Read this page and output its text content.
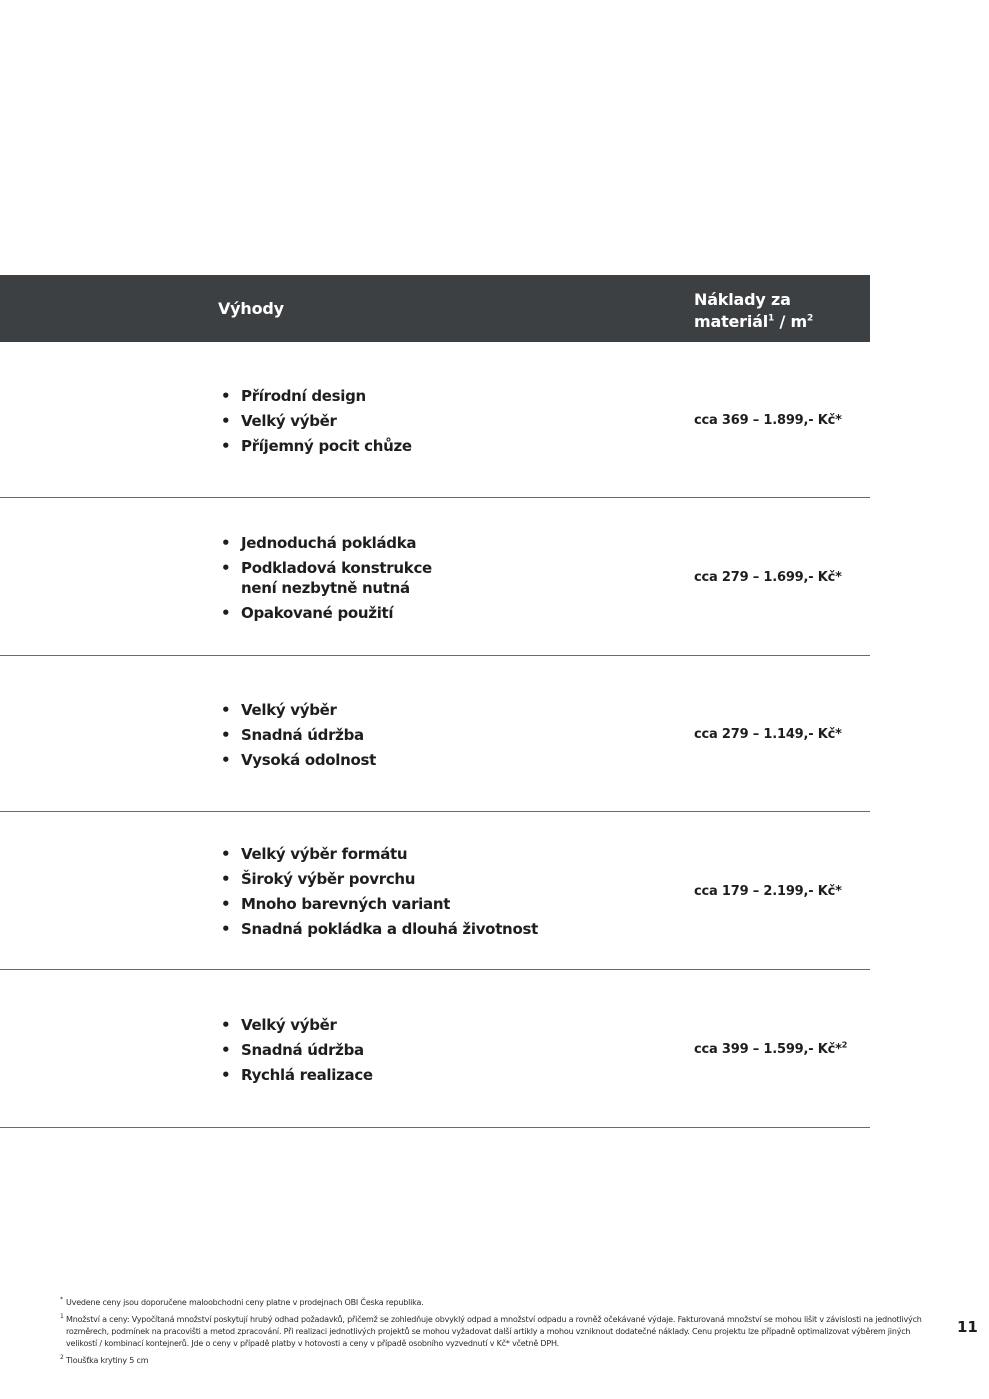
Výhody	Náklady za
materiál$^1$ / $m^2$
• Přírodní design
• Velký výběr
• Příjemný pocit chůze
cca 369 – 1.899,- Kč*
• Jednoduchá pokládka
• Podkladová konstrukce není nezbytně nutná
• Opakované použití
cca 279 – 1.699,- Kč*
• Velký výběr
• Snadná údržba
• Vysoká odolnost
cca 279 – 1.149,- Kč*
• Velký výběr formátu
• Široký výběr povrchu
• Mnoho barevných variant
• Snadná pokládka a dlouhá životnost
cca 179 – 2.199,- Kč*
• Velký výběr
• Snadná údržba
• Rychlá realizace
cca 399 – 1.599,- Kč*$^2$
* Uvedene ceny jsou doporučene maloobchodni ceny platne v prodejnach OBI Česka republika.
1 Množství a ceny: Vypočítaná množství poskytují hrubý odhad požadavků, přičemž se zohledňuje obvyklý odpad a množství odpadu a rovněž očekávané výdaje. Fakturovaná množství se mohou lišit v závislosti na jednotlivých rozměrech, podmínek na pracovišti a metod zpracování. Při realizaci jednotlivých projektů se mohou vyžadovat další artikly a mohou vzniknout dodatečné náklady. Cenu projektu lze případně optimalizovat výběrem jiných velikostí / kombinací kontejnerů. Jde o ceny v případě platby v hotovosti a ceny v případě osobního vyzvednutí v Kč* včetně DPH.
2 Tloušťka krytiny 5 cm
11
